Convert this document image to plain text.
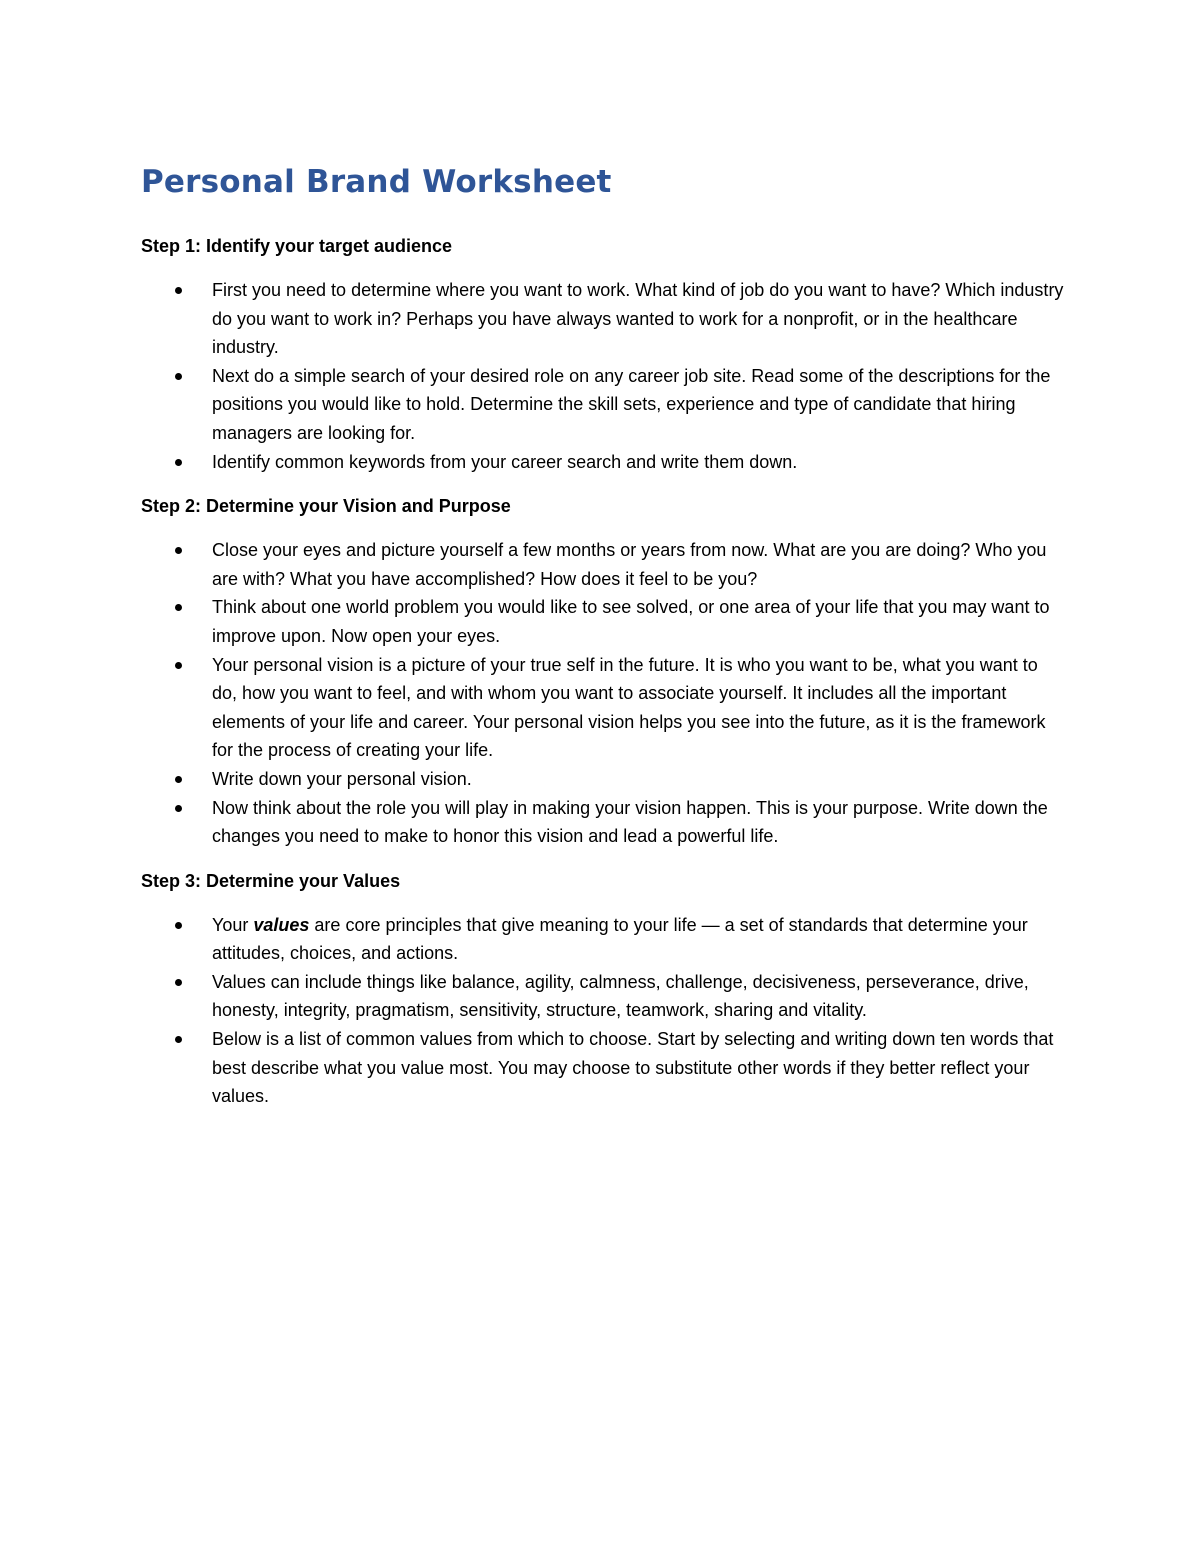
Personal Brand Worksheet
Step 1: Identify your target audience
First you need to determine where you want to work. What kind of job do you want to have? Which industry do you want to work in? Perhaps you have always wanted to work for a nonprofit, or in the healthcare industry.
Next do a simple search of your desired role on any career job site. Read some of the descriptions for the positions you would like to hold. Determine the skill sets, experience and type of candidate that hiring managers are looking for.
Identify common keywords from your career search and write them down.
Step 2: Determine your Vision and Purpose
Close your eyes and picture yourself a few months or years from now. What are you are doing? Who you are with? What you have accomplished? How does it feel to be you?
Think about one world problem you would like to see solved, or one area of your life that you may want to improve upon. Now open your eyes.
Your personal vision is a picture of your true self in the future. It is who you want to be, what you want to do, how you want to feel, and with whom you want to associate yourself. It includes all the important elements of your life and career. Your personal vision helps you see into the future, as it is the framework for the process of creating your life.
Write down your personal vision.
Now think about the role you will play in making your vision happen. This is your purpose. Write down the changes you need to make to honor this vision and lead a powerful life.
Step 3: Determine your Values
Your values are core principles that give meaning to your life — a set of standards that determine your attitudes, choices, and actions.
Values can include things like balance, agility, calmness, challenge, decisiveness, perseverance, drive, honesty, integrity, pragmatism, sensitivity, structure, teamwork, sharing and vitality.
Below is a list of common values from which to choose. Start by selecting and writing down ten words that best describe what you value most. You may choose to substitute other words if they better reflect your values.
